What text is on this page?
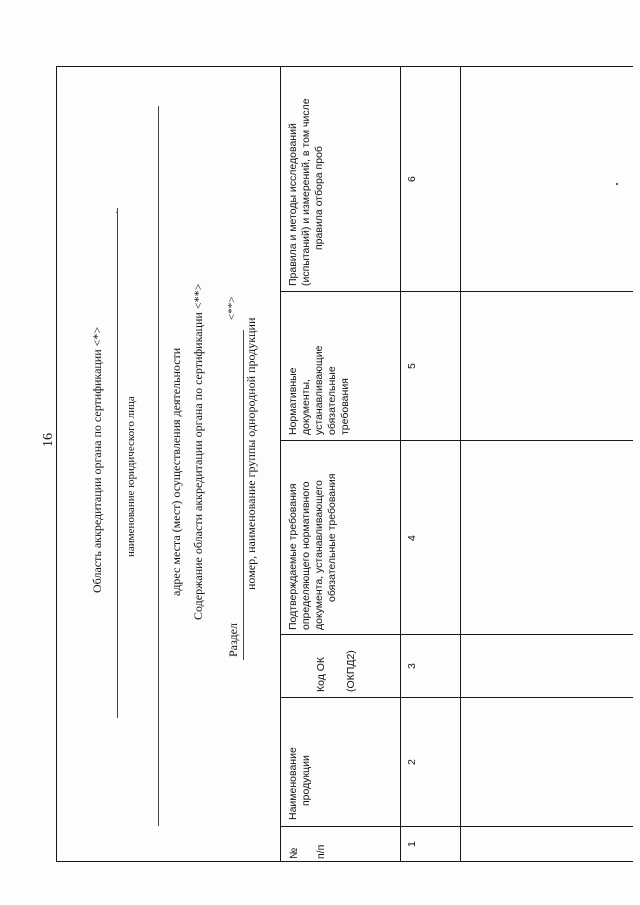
16	Область аккредитации органа по сертификации <*> наименование юридического лица	адрес места (мест) осуществления деятельности Содержание области аккредитации органа по сертификации <**>
Раздел
<**>
номер, наименование группы однородной продукции
№ п/п
Наименование продукции
Код ОК (ОКПД2)
Подтверждаемые требования определяющего нормативного документа, устанавливающего обязательные требования
Нормативные документы, устанавливающие обязательные требования
Правила и методы исследований (испытаний) и измерений, в том числе правила отбора проб
1
2
3
4
5
6
